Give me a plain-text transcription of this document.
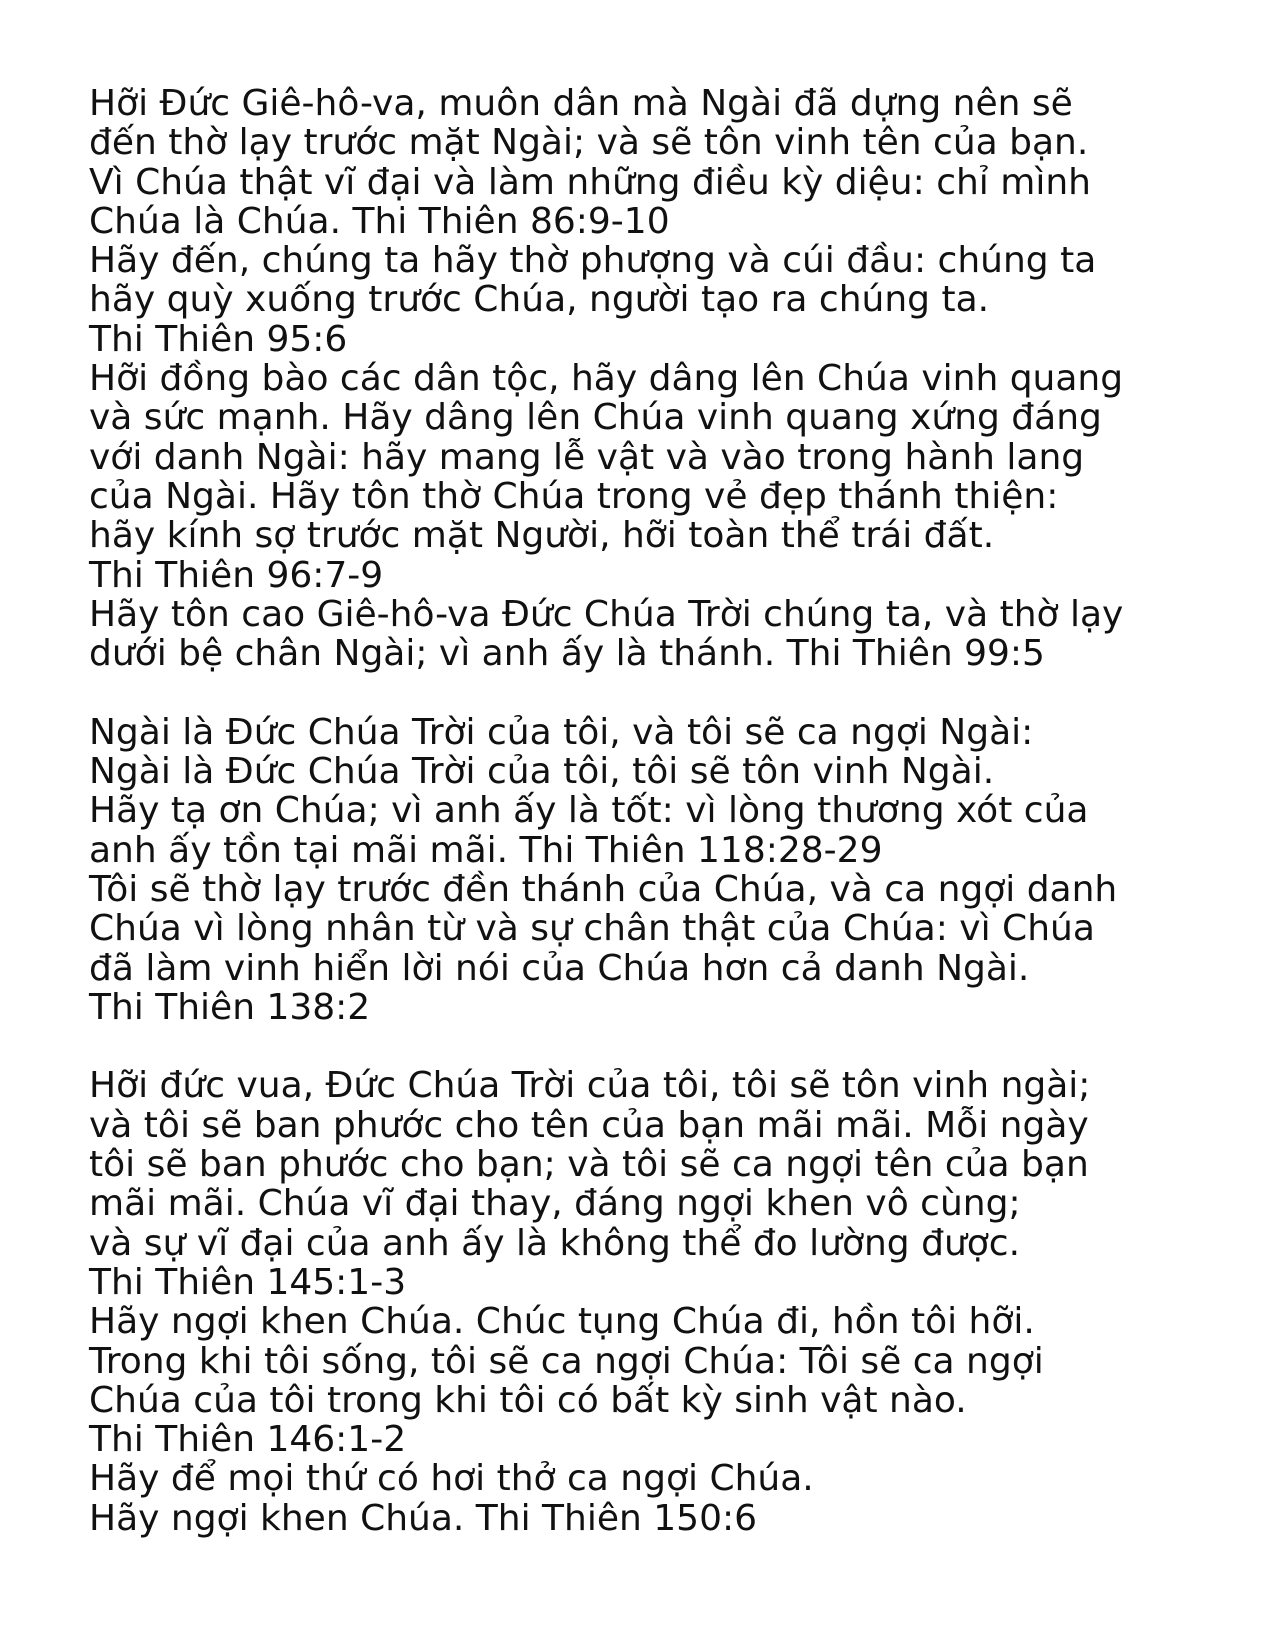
Hỡi Đức Giê-hô-va, muôn dân mà Ngài đã dựng nên sẽ
đến thờ lạy trước mặt Ngài; và sẽ tôn vinh tên của bạn.
Vì Chúa thật vĩ đại và làm những điều kỳ diệu: chỉ mình
Chúa là Chúa. Thi Thiên 86:9-10
Hãy đến, chúng ta hãy thờ phượng và cúi đầu: chúng ta
hãy quỳ xuống trước Chúa, người tạo ra chúng ta.
Thi Thiên 95:6
Hỡi đồng bào các dân tộc, hãy dâng lên Chúa vinh quang
và sức mạnh. Hãy dâng lên Chúa vinh quang xứng đáng
với danh Ngài: hãy mang lễ vật và vào trong hành lang
của Ngài. Hãy tôn thờ Chúa trong vẻ đẹp thánh thiện:
hãy kính sợ trước mặt Người, hỡi toàn thể trái đất.
Thi Thiên 96:7-9
Hãy tôn cao Giê-hô-va Đức Chúa Trời chúng ta, và thờ lạy
dưới bệ chân Ngài; vì anh ấy là thánh. Thi Thiên 99:5
Ngài là Đức Chúa Trời của tôi, và tôi sẽ ca ngợi Ngài:
Ngài là Đức Chúa Trời của tôi, tôi sẽ tôn vinh Ngài.
Hãy tạ ơn Chúa; vì anh ấy là tốt: vì lòng thương xót của
anh ấy tồn tại mãi mãi. Thi Thiên 118:28-29
Tôi sẽ thờ lạy trước đền thánh của Chúa, và ca ngợi danh
Chúa vì lòng nhân từ và sự chân thật của Chúa: vì Chúa
đã làm vinh hiển lời nói của Chúa hơn cả danh Ngài.
Thi Thiên 138:2
Hỡi đức vua, Đức Chúa Trời của tôi, tôi sẽ tôn vinh ngài;
và tôi sẽ ban phước cho tên của bạn mãi mãi. Mỗi ngày
tôi sẽ ban phước cho bạn; và tôi sẽ ca ngợi tên của bạn
mãi mãi. Chúa vĩ đại thay, đáng ngợi khen vô cùng;
và sự vĩ đại của anh ấy là không thể đo lường được.
Thi Thiên 145:1-3
Hãy ngợi khen Chúa. Chúc tụng Chúa đi, hồn tôi hỡi.
Trong khi tôi sống, tôi sẽ ca ngợi Chúa: Tôi sẽ ca ngợi
Chúa của tôi trong khi tôi có bất kỳ sinh vật nào.
Thi Thiên 146:1-2
Hãy để mọi thứ có hơi thở ca ngợi Chúa.
Hãy ngợi khen Chúa. Thi Thiên 150:6
